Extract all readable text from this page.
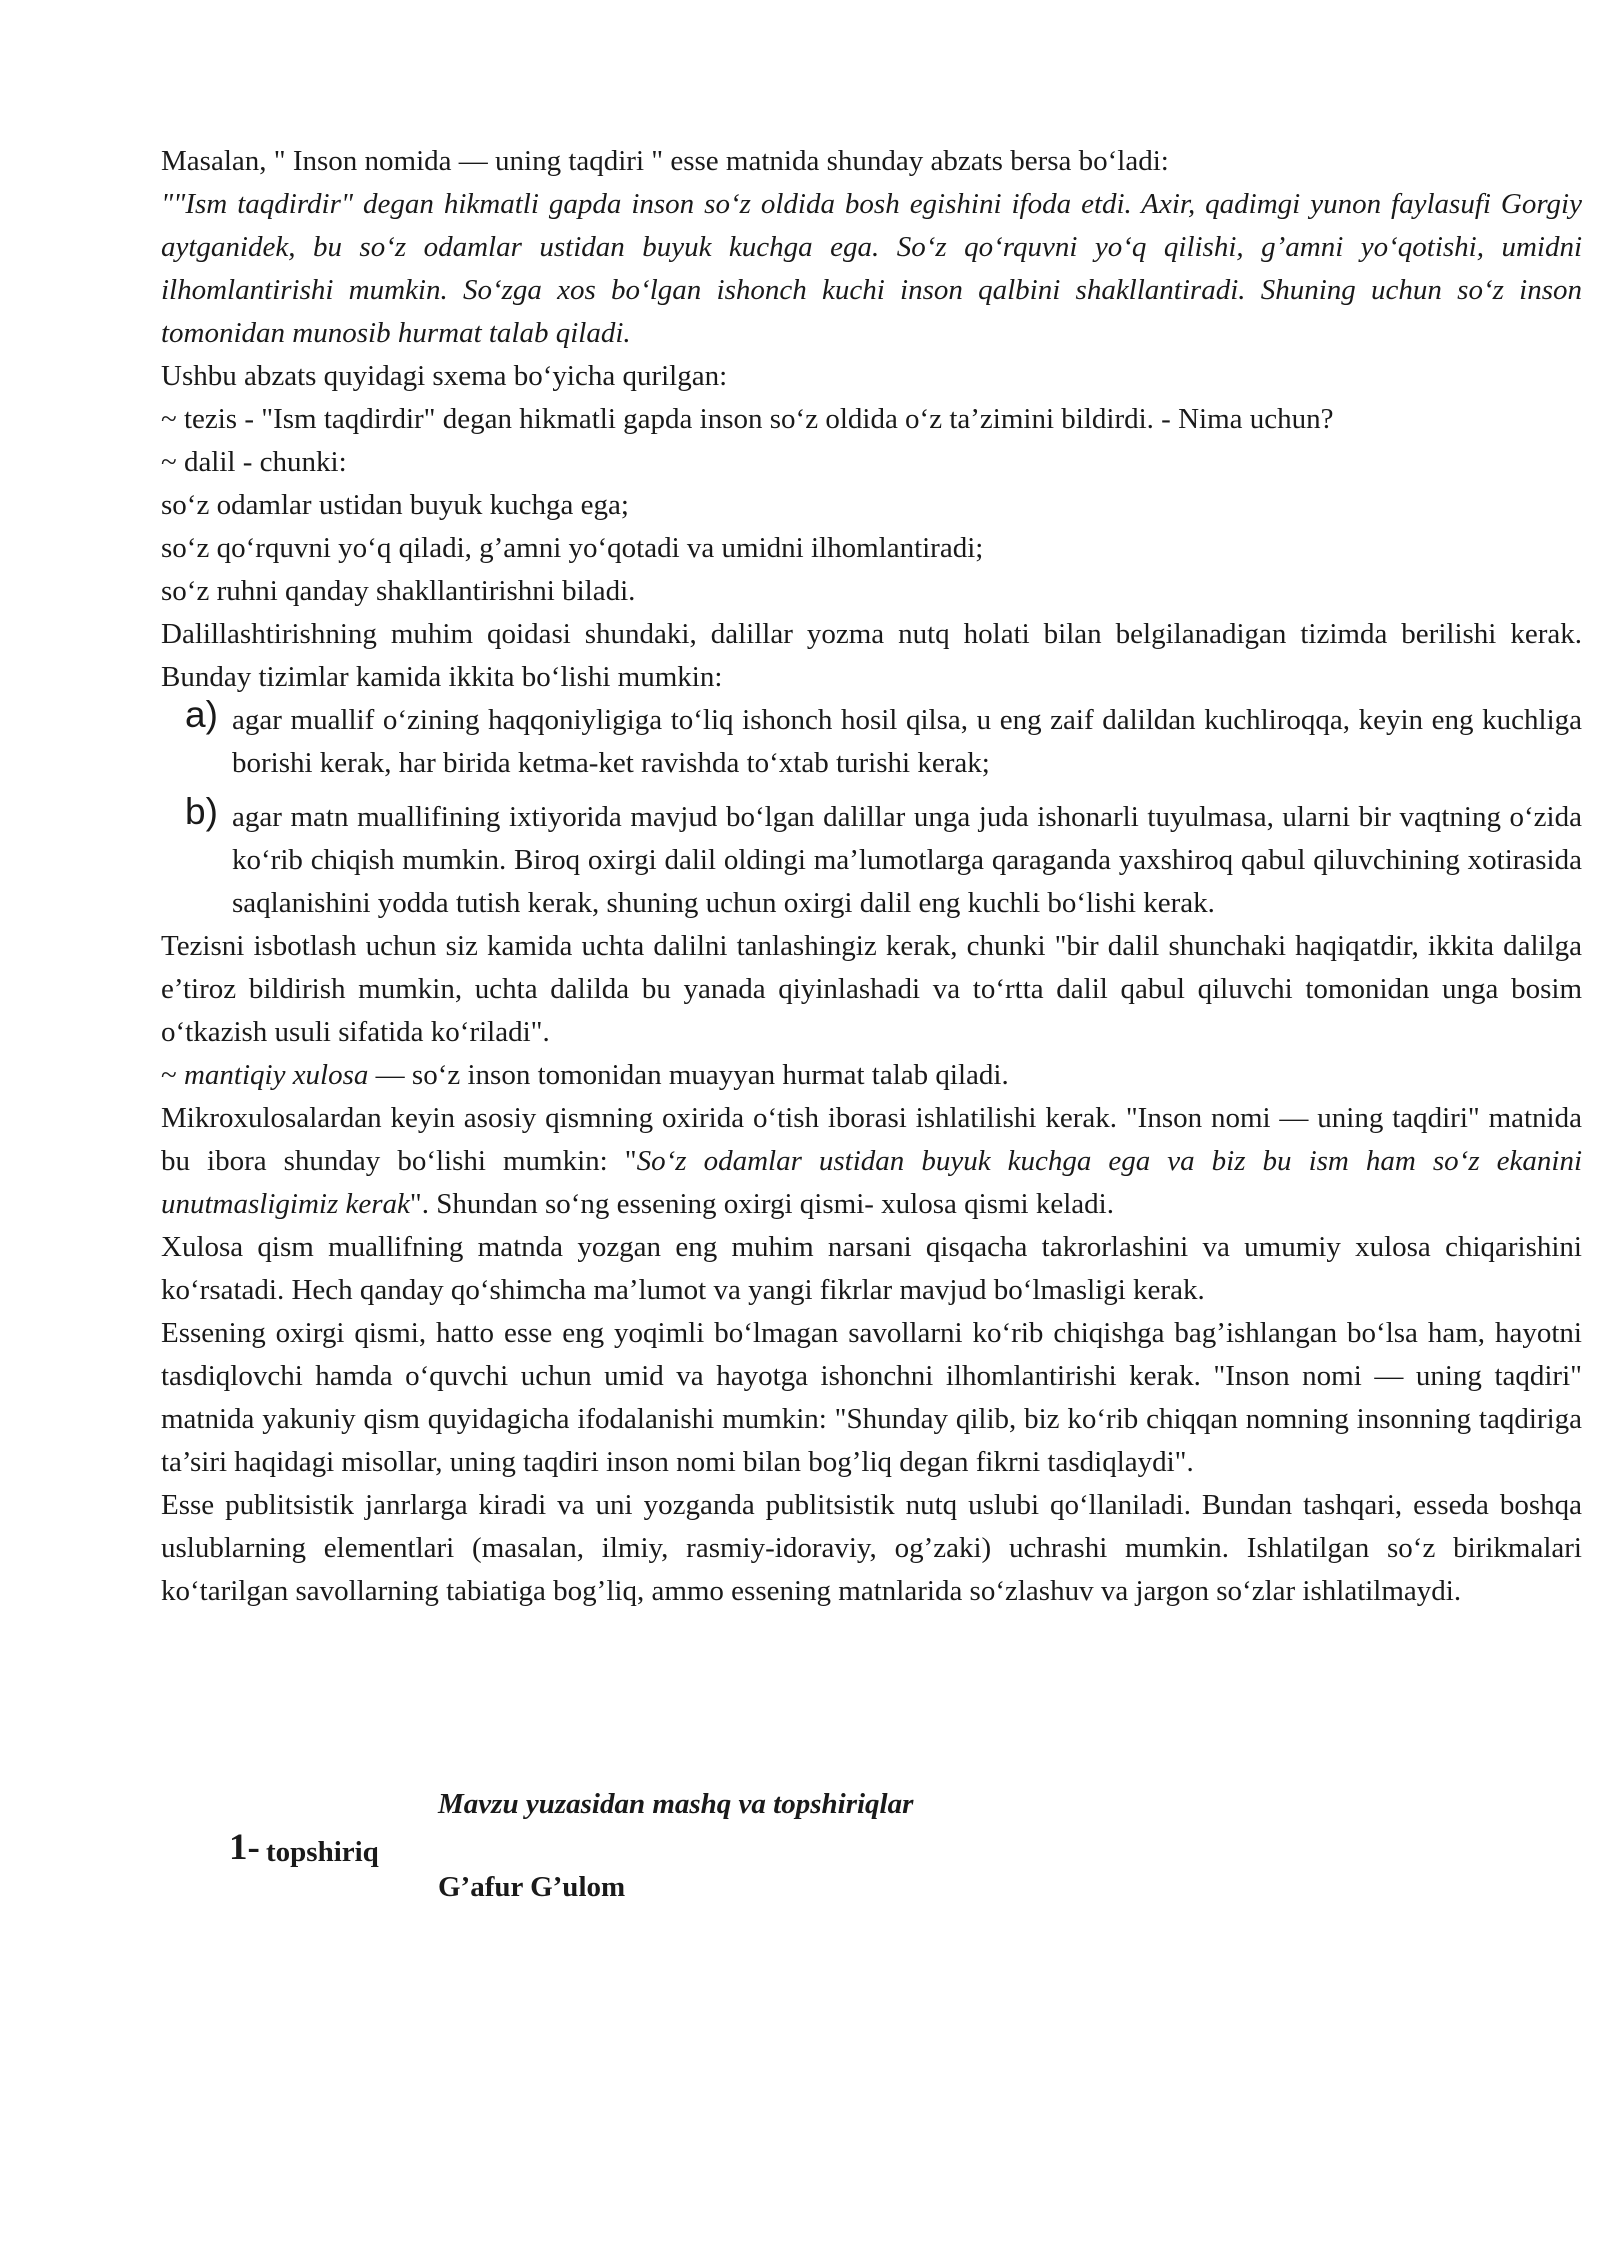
Masalan, " Inson nomida — uning taqdiri " esse matnida shunday abzats bersa bo‘ladi:

""Ism taqdirdir" degan hikmatli gapda inson so‘z oldida bosh egishini ifoda etdi. Axir, qadimgi yunon faylasufi Gorgiy aytganidek, bu so‘z odamlar ustidan buyuk kuchga ega. So‘z qo‘rquvni yo‘q qilishi, g’amni yo‘qotishi, umidni ilhomlantirishi mumkin. So‘zga xos bo‘lgan ishonch kuchi inson qalbini shakllantiradi. Shuning uchun so‘z inson tomonidan munosib hurmat talab qiladi.

Ushbu abzats quyidagi sxema bo‘yicha qurilgan:

~ tezis - "Ism taqdirdir" degan hikmatli gapda inson so‘z oldida o‘z ta’zimini bildirdi. - Nima uchun?

~ dalil - chunki:

so‘z odamlar ustidan buyuk kuchga ega;

so‘z qo‘rquvni yo‘q qiladi, g’amni yo‘qotadi va umidni ilhomlantiradi;

so‘z ruhni qanday shakllantirishni biladi.

Dalillashtirishning muhim qoidasi shundaki, dalillar yozma nutq holati bilan belgilanadigan tizimda berilishi kerak. Bunday tizimlar kamida ikkita bo‘lishi mumkin:

a) agar muallif o‘zining haqqoniyligiga to‘liq ishonch hosil qilsa, u eng zaif dalildan kuchliroqqa, keyin eng kuchliga borishi kerak, har birida ketma-ket ravishda to‘xtab turishi kerak;
b) agar matn muallifining ixtiyorida mavjud bo‘lgan dalillar unga juda ishonarli tuyulmasa, ularni bir vaqtning o‘zida ko‘rib chiqish mumkin. Biroq oxirgi dalil oldingi ma’lumotlarga qaraganda yaxshiroq qabul qiluvchining xotirasida saqlanishini yodda tutish kerak, shuning uchun oxirgi dalil eng kuchli bo‘lishi kerak.

Tezisni isbotlash uchun siz kamida uchta dalilni tanlashingiz kerak, chunki "bir dalil shunchaki haqiqatdir, ikkita dalilga e’tiroz bildirish mumkin, uchta dalilda bu yanada qiyinlashadi va to‘rtta dalil qabul qiluvchi tomonidan unga bosim o‘tkazish usuli sifatida ko‘riladi".

~ mantiqiy xulosa — so‘z inson tomonidan muayyan hurmat talab qiladi.

Mikroxulosalardan keyin asosiy qismning oxirida o‘tish iborasi ishlatilishi kerak. "Inson nomi — uning taqdiri" matnida bu ibora shunday bo‘lishi mumkin: "So‘z odamlar ustidan buyuk kuchga ega va biz bu ism ham so‘z ekanini unutmasligimiz kerak". Shundan so‘ng essening oxirgi qismi- xulosa qismi keladi.

Xulosa qism muallifning matnda yozgan eng muhim narsani qisqacha takrorlashini va umumiy xulosa chiqarishini ko‘rsatadi. Hech qanday qo‘shimcha ma’lumot va yangi fikrlar mavjud bo‘lmasligi kerak.

Essening oxirgi qismi, hatto esse eng yoqimli bo‘lmagan savollarni ko‘rib chiqishga bag’ishlangan bo‘lsa ham, hayotni tasdiqlovchi hamda o‘quvchi uchun umid va hayotga ishonchni ilhomlantirishi kerak. "Inson nomi — uning taqdiri" matnida yakuniy qism quyidagicha ifodalanishi mumkin: "Shunday qilib, biz ko‘rib chiqqan nomning insonning taqdiriga ta’siri haqidagi misollar, uning taqdiri inson nomi bilan bog’liq degan fikrni tasdiqlaydi".

Esse publitsistik janrlarga kiradi va uni yozganda publitsistik nutq uslubi qo‘llaniladi. Bundan tashqari, esseda boshqa uslublarning elementlari (masalan, ilmiy, rasmiy-idoraviy, og’zaki) uchrashi mumkin. Ishlatilgan so‘z birikmalari ko‘tarilgan savollarning tabiatiga bog’liq, ammo essening matnlarida so‘zlashuv va jargon so‘zlar ishlatilmaydi.

Mavzu yuzasidan mashq va topshiriqlar
1- topshiriq
G’afur G’ulom
